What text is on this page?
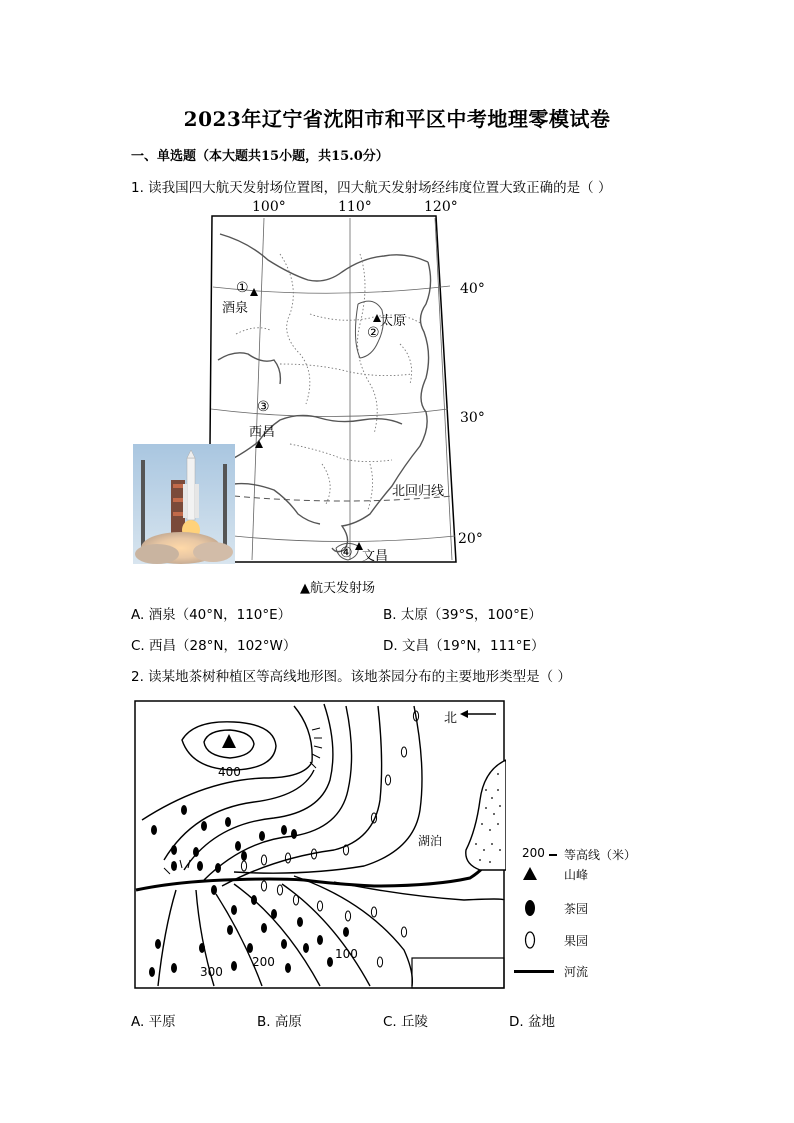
2023年辽宁省沈阳市和平区中考地理零模试卷
一、单选题（本大题共15小题，共15.0分）
1. 读我国四大航天发射场位置图，四大航天发射场经纬度位置大致正确的是（ ）
100°	110°	120°
①
酒泉
太原
②
③
西昌
④ 文昌
北回归线
40°
30°
20°
▲航天发射场
A. 酒泉（40°N，110°E）	B. 太原（39°S，100°E）
C. 西昌（28°N，102°W）	D. 文昌（19°N，111°E）
2. 读某地茶树种植区等高线地形图。该地茶园分布的主要地形类型是（ ）
北
400
300
200
100
湖泊
200 等高线（米）
山峰
茶园
果园
河流
A. 平原	B. 高原	C. 丘陵	D. 盆地
